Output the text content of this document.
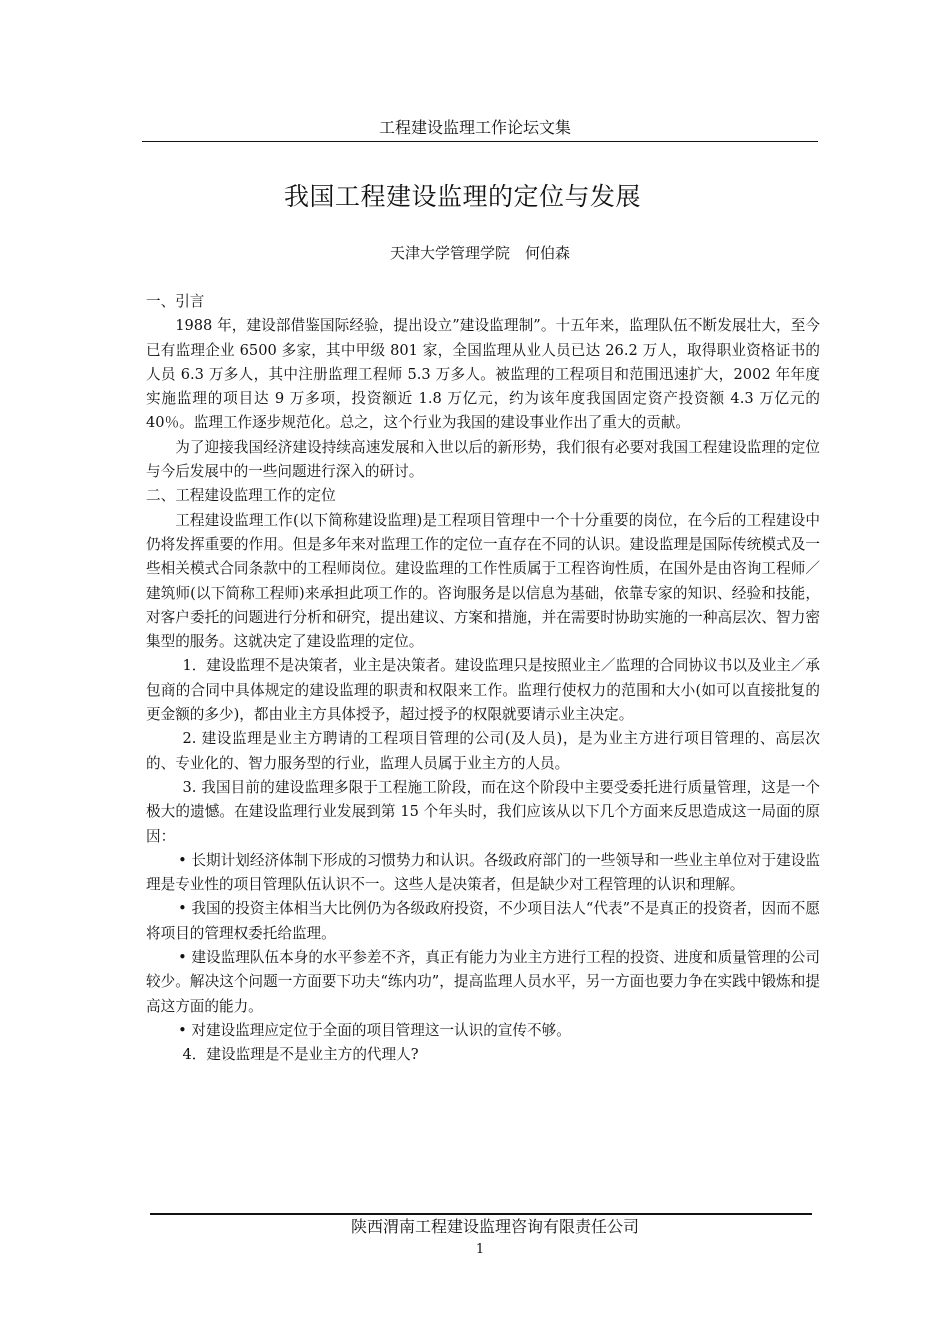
工程建设监理工作论坛文集
我国工程建设监理的定位与发展
天津大学管理学院　何伯森

一、引言

1988 年，建设部借鉴国际经验，提出设立”建设监理制”。十五年来，监理队伍不断发展壮大，至今已有监理企业 6500 多家，其中甲级 801 家，全国监理从业人员已达 26.2 万人，取得职业资格证书的人员 6.3 万多人，其中注册监理工程师 5.3 万多人。被监理的工程项目和范围迅速扩大，2002 年年度实施监理的项目达 9 万多项，投资额近 1.8 万亿元，约为该年度我国固定资产投资额 4.3 万亿元的 40％。监理工作逐步规范化。总之，这个行业为我国的建设事业作出了重大的贡献。

为了迎接我国经济建设持续高速发展和入世以后的新形势，我们很有必要对我国工程建设监理的定位与今后发展中的一些问题进行深入的研讨。

二、工程建设监理工作的定位

工程建设监理工作(以下简称建设监理)是工程项目管理中一个十分重要的岗位，在今后的工程建设中仍将发挥重要的作用。但是多年来对监理工作的定位一直存在不同的认识。建设监理是国际传统模式及一些相关模式合同条款中的工程师岗位。建设监理的工作性质属于工程咨询性质，在国外是由咨询工程师／建筑师(以下简称工程师)来承担此项工作的。咨询服务是以信息为基础，依靠专家的知识、经验和技能，对客户委托的问题进行分析和研究，提出建议、方案和措施，并在需要时协助实施的一种高层次、智力密集型的服务。这就决定了建设监理的定位。

1．建设监理不是决策者，业主是决策者。建设监理只是按照业主／监理的合同协议书以及业主／承包商的合同中具体规定的建设监理的职责和权限来工作。监理行使权力的范围和大小(如可以直接批复的更金额的多少)，都由业主方具体授予，超过授予的权限就要请示业主决定。

2. 建设监理是业主方聘请的工程项目管理的公司(及人员)，是为业主方进行项目管理的、高层次的、专业化的、智力服务型的行业，监理人员属于业主方的人员。

3. 我国目前的建设监理多限于工程施工阶段，而在这个阶段中主要受委托进行质量管理，这是一个极大的遗憾。在建设监理行业发展到第 15 个年头时，我们应该从以下几个方面来反思造成这一局面的原因：

• 长期计划经济体制下形成的习惯势力和认识。各级政府部门的一些领导和一些业主单位对于建设监理是专业性的项目管理队伍认识不一。这些人是决策者，但是缺少对工程管理的认识和理解。

• 我国的投资主体相当大比例仍为各级政府投资，不少项目法人“代表”不是真正的投资者，因而不愿将项目的管理权委托给监理。

• 建设监理队伍本身的水平参差不齐，真正有能力为业主方进行工程的投资、进度和质量管理的公司较少。解决这个问题一方面要下功夫“练内功”，提高监理人员水平，另一方面也要力争在实践中锻炼和提高这方面的能力。

• 对建设监理应定位于全面的项目管理这一认识的宣传不够。

4．建设监理是不是业主方的代理人?

陕西渭南工程建设监理咨询有限责任公司
1
